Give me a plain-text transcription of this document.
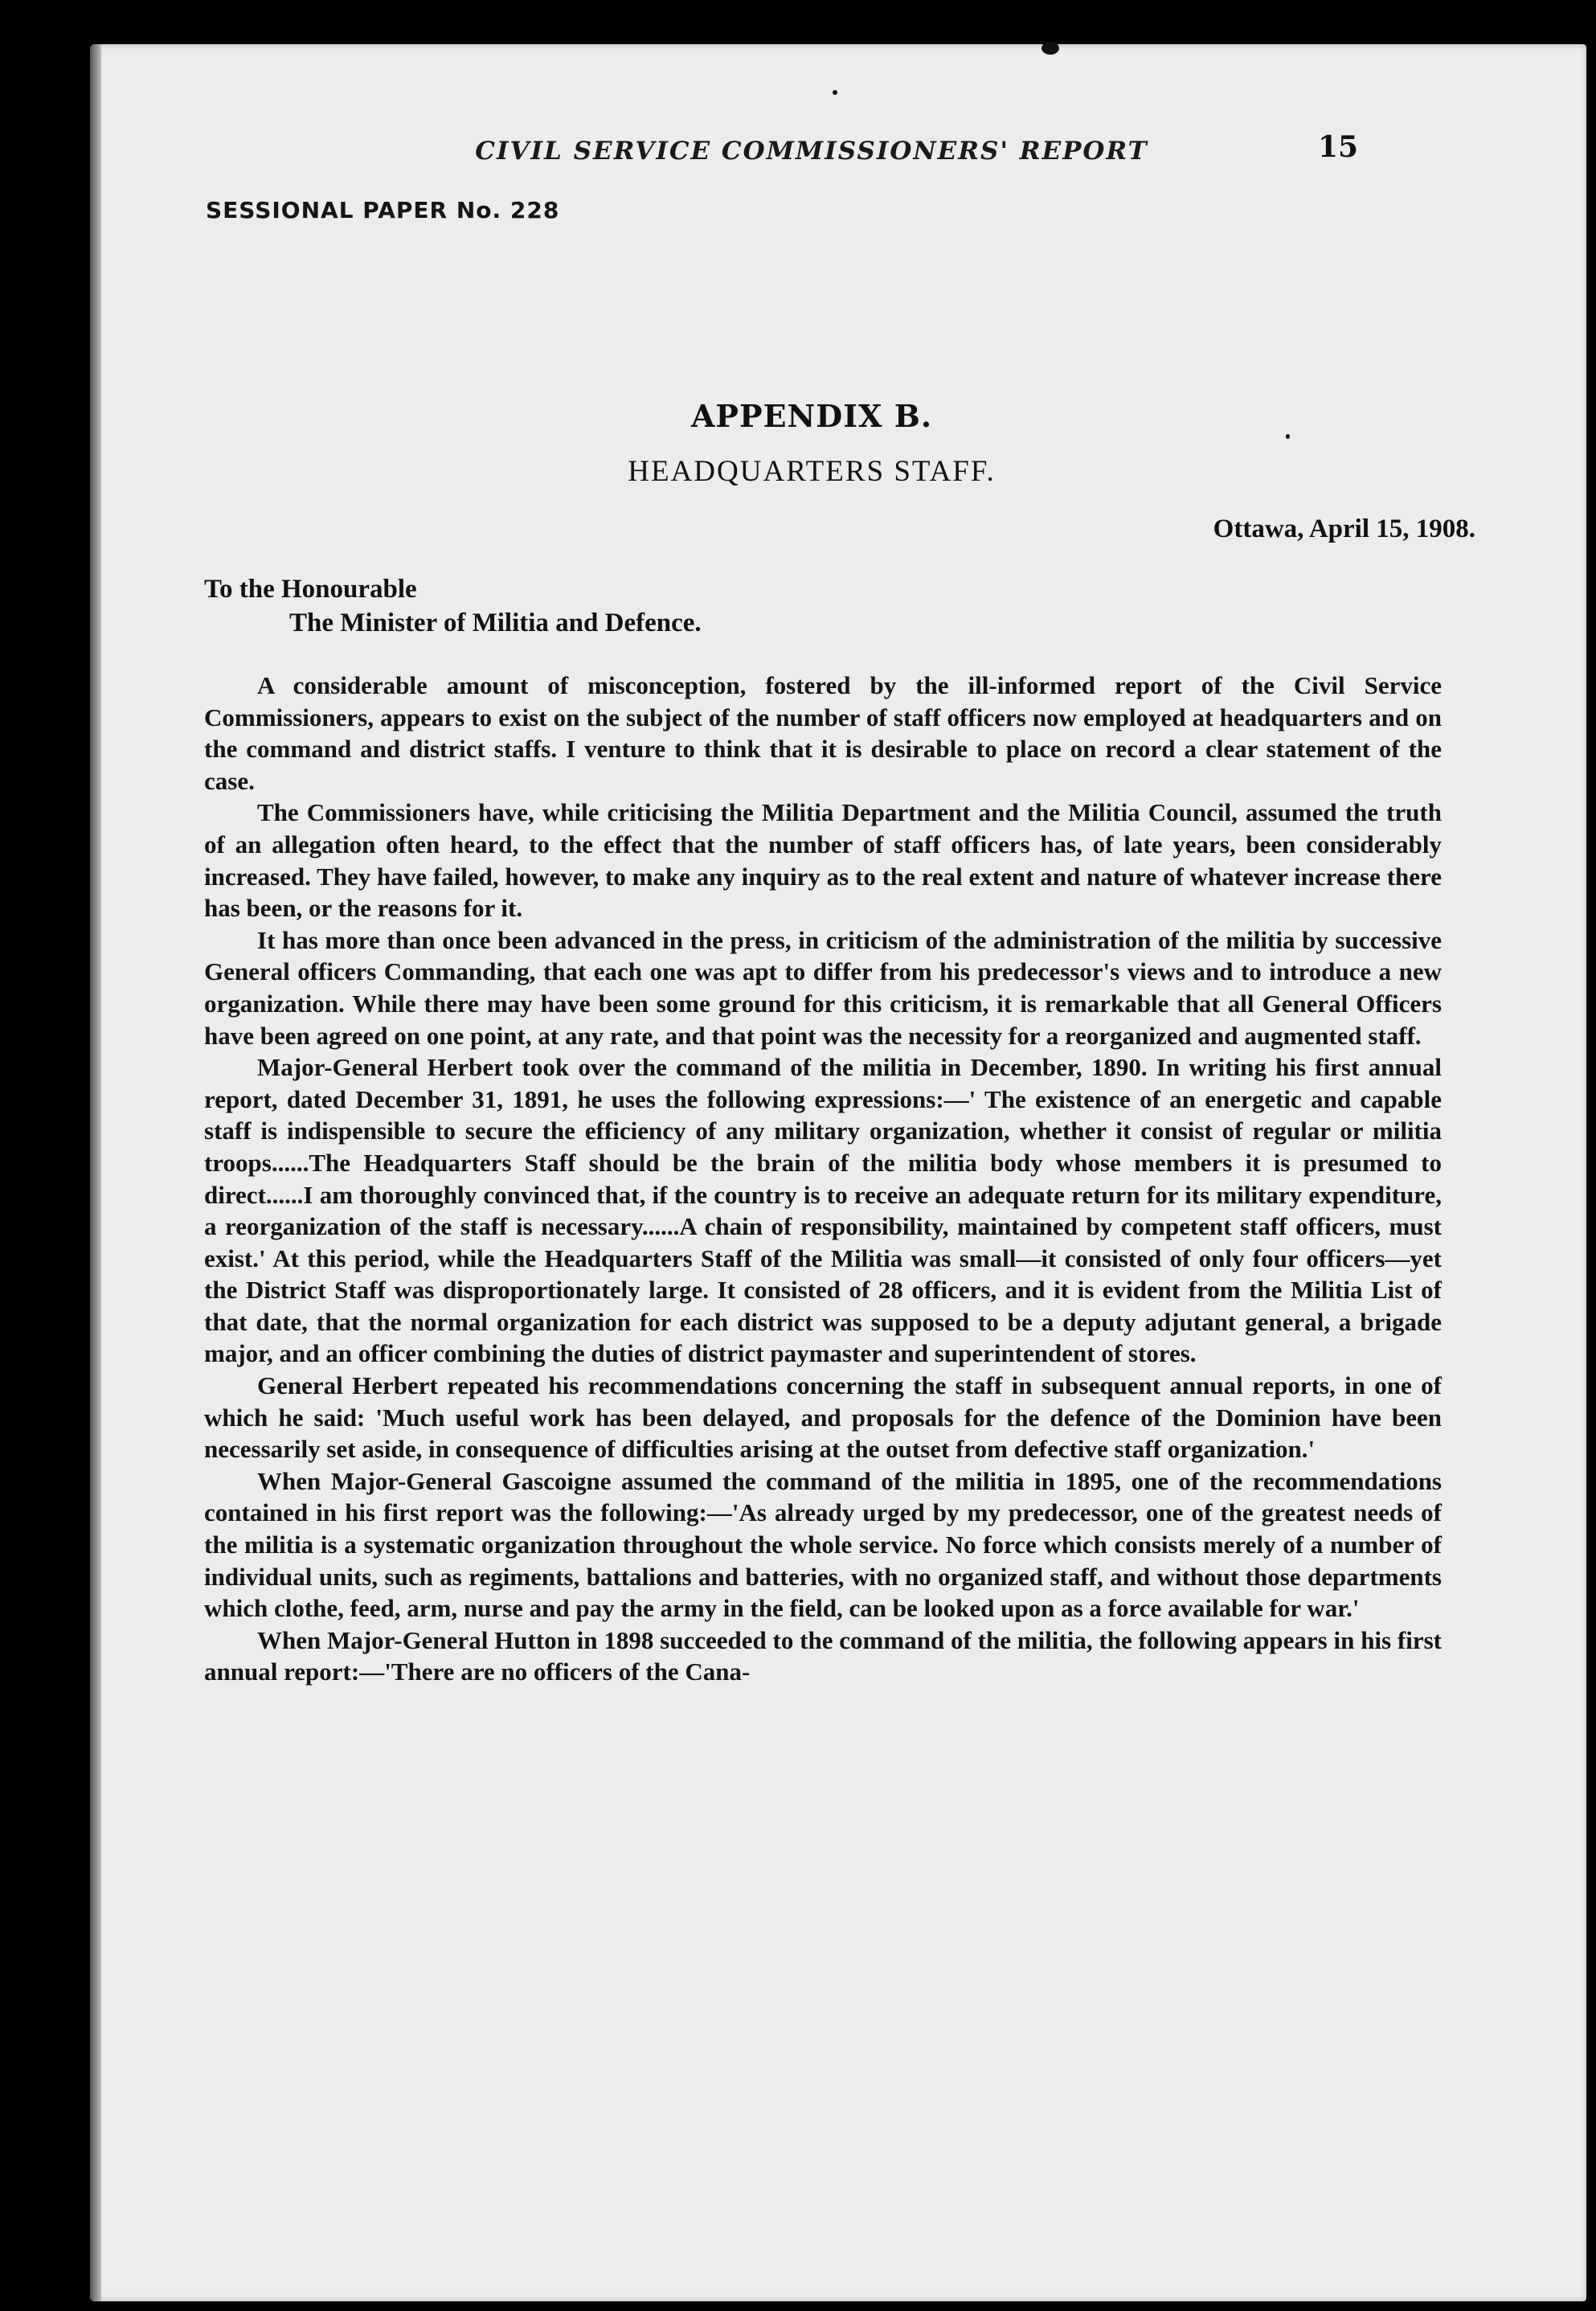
CIVIL SERVICE COMMISSIONERS' REPORT	15
SESSIONAL PAPER No. 228
APPENDIX B.
HEADQUARTERS STAFF.
Ottawa, April 15, 1908.
To the Honourable
The Minister of Militia and Defence.

A considerable amount of misconception, fostered by the ill-informed report of the Civil Service Commissioners, appears to exist on the subject of the number of staff officers now employed at headquarters and on the command and district staffs. I venture to think that it is desirable to place on record a clear statement of the case.

The Commissioners have, while criticising the Militia Department and the Militia Council, assumed the truth of an allegation often heard, to the effect that the number of staff officers has, of late years, been considerably increased. They have failed, however, to make any inquiry as to the real extent and nature of whatever increase there has been, or the reasons for it.

It has more than once been advanced in the press, in criticism of the administration of the militia by successive General officers Commanding, that each one was apt to differ from his predecessor's views and to introduce a new organization. While there may have been some ground for this criticism, it is remarkable that all General Officers have been agreed on one point, at any rate, and that point was the necessity for a reorganized and augmented staff.

Major-General Herbert took over the command of the militia in December, 1890. In writing his first annual report, dated December 31, 1891, he uses the following expressions:—' The existence of an energetic and capable staff is indispensible to secure the efficiency of any military organization, whether it consist of regular or militia troops......The Headquarters Staff should be the brain of the militia body whose members it is presumed to direct......I am thoroughly convinced that, if the country is to receive an adequate return for its military expenditure, a reorganization of the staff is necessary......A chain of responsibility, maintained by competent staff officers, must exist.' At this period, while the Headquarters Staff of the Militia was small—it consisted of only four officers—yet the District Staff was disproportionately large. It consisted of 28 officers, and it is evident from the Militia List of that date, that the normal organization for each district was supposed to be a deputy adjutant general, a brigade major, and an officer combining the duties of district paymaster and superintendent of stores.

General Herbert repeated his recommendations concerning the staff in subsequent annual reports, in one of which he said: 'Much useful work has been delayed, and proposals for the defence of the Dominion have been necessarily set aside, in consequence of difficulties arising at the outset from defective staff organization.'

When Major-General Gascoigne assumed the command of the militia in 1895, one of the recommendations contained in his first report was the following:—'As already urged by my predecessor, one of the greatest needs of the militia is a systematic organization throughout the whole service. No force which consists merely of a number of individual units, such as regiments, battalions and batteries, with no organized staff, and without those departments which clothe, feed, arm, nurse and pay the army in the field, can be looked upon as a force available for war.'

When Major-General Hutton in 1898 succeeded to the command of the militia, the following appears in his first annual report:—'There are no officers of the Cana-
